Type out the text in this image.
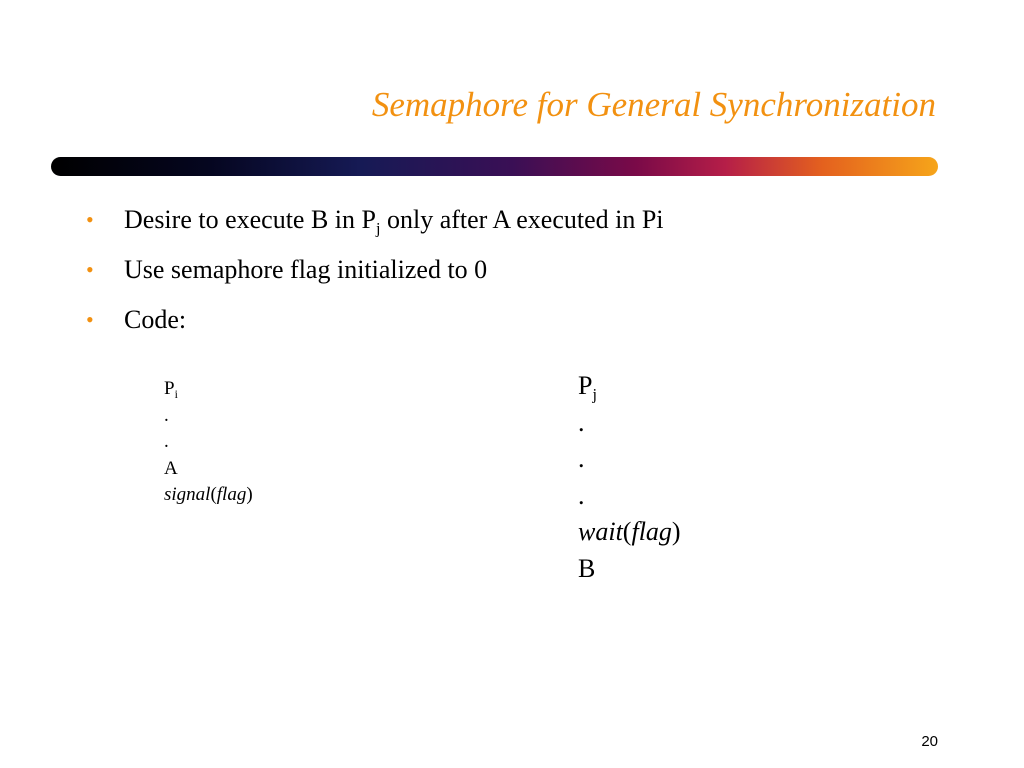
Semaphore for General Synchronization
• Desire to execute B in $P_j$ only after A executed in Pi
• Use semaphore flag initialized to 0
• Code:
$P_i$
.
.
A
signal(flag)
$P_j$
.
.
.
wait(flag)
B
20
